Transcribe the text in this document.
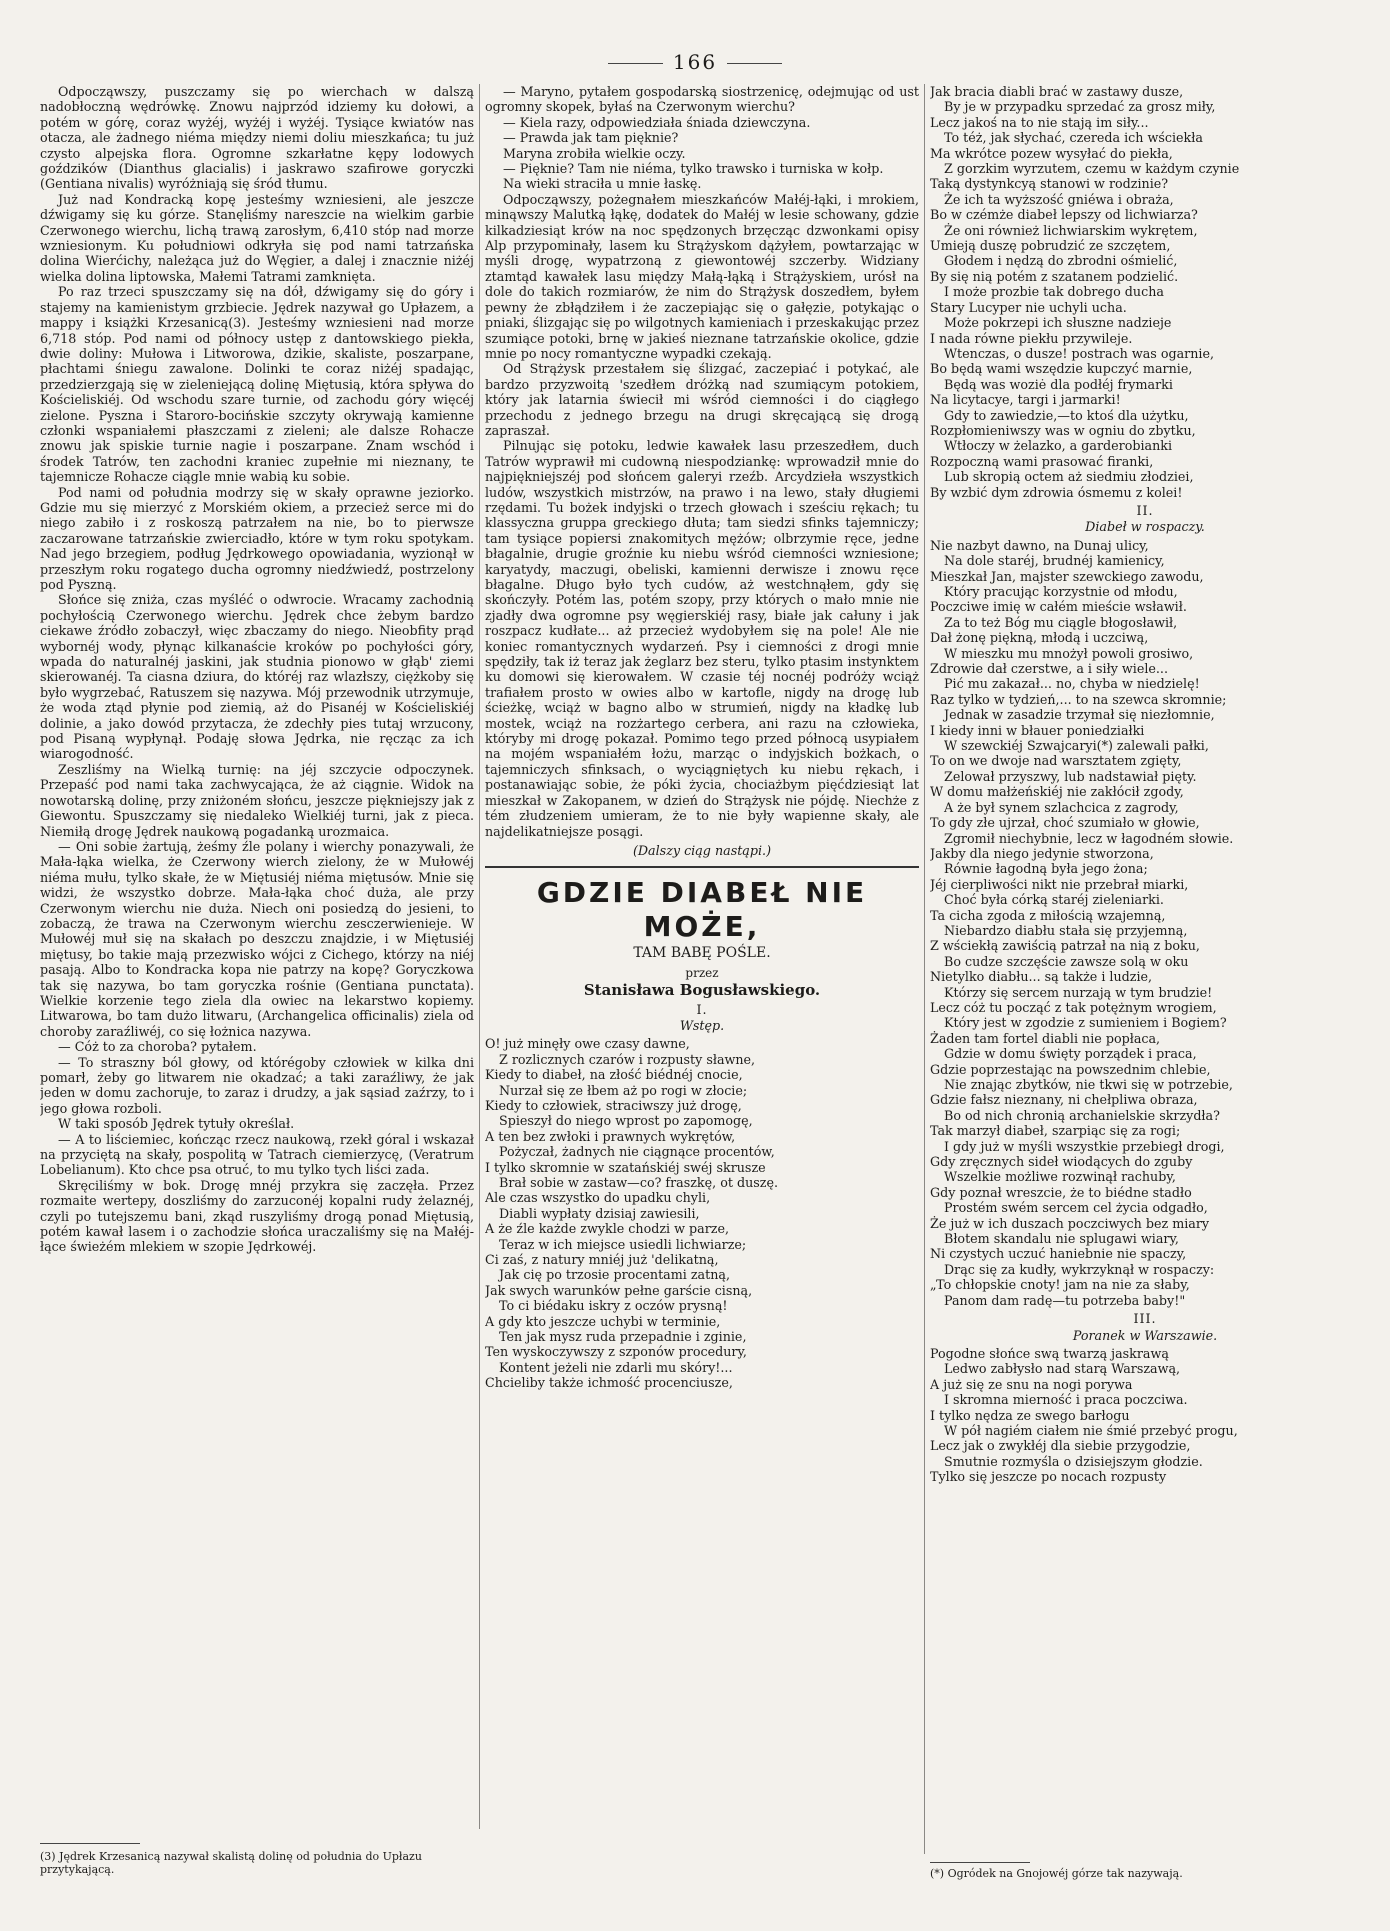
166

Odpocząwszy, puszczamy się po wierchach w dalszą nadobłoczną wędrówkę. Znowu najprzód idziemy ku dołowi, a potém w górę, coraz wyżéj, wyżéj i wyżéj. Tysiące kwiatów nas otacza, ale żadnego niéma między niemi doliu mieszkańca; tu już czysto alpejska flora. Ogromne szkarłatne kępy lodowych goździków (Dianthus glacialis) i jaskrawo szafirowe goryczki (Gentiana nivalis) wyróżniają się śród tłumu.

Już nad Kondracką kopę jesteśmy wzniesieni, ale jeszcze dźwigamy się ku górze. Stanęliśmy nareszcie na wielkim garbie Czerwonego wierchu, lichą trawą zarosłym, 6,410 stóp nad morze wzniesionym. Ku południowi odkryła się pod nami tatrzańska dolina Wierćichy, należąca już do Węgier, a dalej i znacznie niżéj wielka dolina liptowska, Małemi Tatrami zamknięta.

Po raz trzeci spuszczamy się na dół, dźwigamy się do góry i stajemy na kamienistym grzbiecie. Jędrek nazywał go Upłazem, a mappy i książki Krzesanicą(3). Jesteśmy wzniesieni nad morze 6,718 stóp. Pod nami od północy ustęp z dantowskiego piekła, dwie doliny: Mułowa i Litworowa, dzikie, skaliste, poszarpane, płachtami śniegu zawalone. Dolinki te coraz niżéj spadając, przedzierzgają się w zieleniejącą dolinę Miętusią, która spływa do Kościeliskiéj. Od wschodu szare turnie, od zachodu góry więcéj zielone. Pyszna i Staroro-bocińskie szczyty okrywają kamienne członki wspaniałemi płaszczami z zieleni; ale dalsze Rohacze znowu jak spiskie turnie nagie i poszarpane. Znam wschód i środek Tatrów, ten zachodni kraniec zupełnie mi nieznany, te tajemnicze Rohacze ciągle mnie wabią ku sobie.

Pod nami od południa modrzy się w skały oprawne jeziorko. Gdzie mu się mierzyć z Morskiém okiem, a przecież serce mi do niego zabiło i z roskoszą patrzałem na nie, bo to pierwsze zaczarowane tatrzańskie zwierciadło, które w tym roku spotykam. Nad jego brzegiem, podług Jędrkowego opowiadania, wyzionął w przeszłym roku rogatego ducha ogromny niedźwiedź, postrzelony pod Pyszną.

Słońce się zniża, czas myśléć o odwrocie. Wracamy zachodnią pochyłością Czerwonego wierchu. Jędrek chce żebym bardzo ciekawe źródło zobaczył, więc zbaczamy do niego. Nieobfity prąd wybornéj wody, płynąc kilkanaście kroków po pochyłości góry, wpada do naturalnéj jaskini, jak studnia pionowo w głąb' ziemi skierowanéj. Ta ciasna dziura, do któréj raz wlazłszy, ciężkoby się było wygrzebać, Ratuszem się nazywa. Mój przewodnik utrzymuje, że woda ztąd płynie pod ziemią, aż do Pisanéj w Kościeliskiéj dolinie, a jako dowód przytacza, że zdechły pies tutaj wrzucony, pod Pisaną wypłynął. Podaję słowa Jędrka, nie ręcząc za ich wiarogodność.

Zeszliśmy na Wielką turnię: na jéj szczycie odpoczynek. Przepaść pod nami taka zachwycająca, że aż ciągnie. Widok na nowotarską dolinę, przy zniżoném słońcu, jeszcze piękniejszy jak z Giewontu. Spuszczamy się niedaleko Wielkiéj turni, jak z pieca. Niemiłą drogę Jędrek naukową pogadanką urozmaica.

— Oni sobie żartują, żeśmy źle polany i wierchy ponazywali, że Mała-łąka wielka, że Czerwony wierch zielony, że w Mułowéj niéma mułu, tylko skałe, że w Miętusiéj niéma miętusów. Mnie się widzi, że wszystko dobrze. Mała-łąka choć duża, ale przy Czerwonym wierchu nie duża. Niech oni posiedzą do jesieni, to zobaczą, że trawa na Czerwonym wierchu zesczerwienieje. W Mułowéj muł się na skałach po deszczu znajdzie, i w Miętusiéj miętusy, bo takie mają przezwisko wójci z Cichego, którzy na niéj pasają. Albo to Kondracka kopa nie patrzy na kopę? Goryczkowa tak się nazywa, bo tam goryczka rośnie (Gentiana punctata). Wielkie korzenie tego ziela dla owiec na lekarstwo kopiemy. Litwarowa, bo tam dużo litwaru, (Archangelica officinalis) ziela od choroby zaraźliwéj, co się łożnica nazywa.

— Cóż to za choroba? pytałem.

— To straszny ból głowy, od którégoby człowiek w kilka dni pomarł, żeby go litwarem nie okadzać; a taki zaraźliwy, że jak jeden w domu zachoruje, to zaraz i drudzy, a jak sąsiad zaźrzy, to i jego głowa rozboli.

W taki sposób Jędrek tytuły określał.

— A to liściemiec, kończąc rzecz naukową, rzekł góral i wskazał na przyciętą na skały, pospolitą w Tatrach ciemierzycę, (Veratrum Lobelianum). Kto chce psa otruć, to mu tylko tych liści zada.

Skręciliśmy w bok. Drogę mnéj przykra się zaczęła. Przez rozmaite wertepy, doszliśmy do zarzuconéj kopalni rudy żelaznéj, czyli po tutejszemu bani, zkąd ruszyliśmy drogą ponad Miętusią, potém kawał lasem i o zachodzie słońca uraczaliśmy się na Małéj-łące świeżém mlekiem w szopie Jędrkowéj.

(3) Jędrek Krzesanicą nazywał skalistą dolinę od południa do Upłazu przytykającą.

— Maryno, pytałem gospodarską siostrzenicę, odejmując od ust ogromny skopek, byłaś na Czerwonym wierchu?

— Kiela razy, odpowiedziała śniada dziewczyna.

— Prawda jak tam pięknie?

Maryna zrobiła wielkie oczy.

— Pięknie? Tam nie niéma, tylko trawsko i turniska w kołp.

Na wieki straciła u mnie łaskę.

Odpocząwszy, pożegnałem mieszkańców Małéj-łąki, i mrokiem, minąwszy Malutką łąkę, dodatek do Małéj w lesie schowany, gdzie kilkadziesiąt krów na noc spędzonych brzęcząc dzwonkami opisy Alp przypominały, lasem ku Strążyskom dążyłem, powtarzając w myśli drogę, wypatrzoną z giewontowéj szczerby. Widziany ztamtąd kawałek lasu między Małą-łąką i Strążyskiem, urósł na dole do takich rozmiarów, że nim do Strążysk doszedłem, byłem pewny że zbłądziłem i że zaczepiając się o gałęzie, potykając o pniaki, ślizgając się po wilgotnych kamieniach i przeskakując przez szumiące potoki, brnę w jakieś nieznane tatrzańskie okolice, gdzie mnie po nocy romantyczne wypadki czekają.

Od Strążysk przestałem się ślizgać, zaczepiać i potykać, ale bardzo przyzwoitą 'szedłem dróżką nad szumiącym potokiem, który jak latarnia świecił mi wśród ciemności i do ciągłego przechodu z jednego brzegu na drugi skręcającą się drogą zapraszał.

Pilnując się potoku, ledwie kawałek lasu przeszedłem, duch Tatrów wyprawił mi cudowną niespodziankę: wprowadził mnie do najpiękniejszéj pod słońcem galeryi rzeźb. Arcydzieła wszystkich ludów, wszystkich mistrzów, na prawo i na lewo, stały długiemi rzędami. Tu bożek indyjski o trzech głowach i sześciu rękach; tu klassyczna gruppa greckiego dłuta; tam siedzi sfinks tajemniczy; tam tysiące popiersi znakomitych mężów; olbrzymie ręce, jedne błagalnie, drugie groźnie ku niebu wśród ciemności wzniesione; karyatydy, maczugi, obeliski, kamienni derwisze i znowu ręce błagalne. Długo było tych cudów, aż westchnąłem, gdy się skończyły. Potém las, potém szopy, przy których o mało mnie nie zjadły dwa ogromne psy węgierskiéj rasy, białe jak całuny i jak roszpacz kudłate... aż przecież wydobyłem się na pole! Ale nie koniec romantycznych wydarzeń. Psy i ciemności z drogi mnie spędziły, tak iż teraz jak żeglarz bez steru, tylko ptasim instynktem ku domowi się kierowałem. W czasie téj nocnéj podróży wciąż trafiałem prosto w owies albo w kartofle, nigdy na drogę lub ścieżkę, wciąż w bagno albo w strumień, nigdy na kładkę lub mostek, wciąż na rozżartego cerbera, ani razu na człowieka, któryby mi drogę pokazał. Pomimo tego przed północą usypiałem na mojém wspaniałém łożu, marząc o indyjskich bożkach, o tajemniczych sfinksach, o wyciągniętych ku niebu rękach, i postanawiając sobie, że póki życia, chociażbym pięćdziesiąt lat mieszkał w Zakopanem, w dzień do Strążysk nie pójdę. Niechże z tém złudzeniem umieram, że to nie były wapienne skały, ale najdelikatniejsze posągi.

(Dalszy ciąg nastąpi.)
GDZIE DIABEŁ NIE MOŻE,
TAM BABĘ POŚLE.
przez
Stanisława Bogusławskiego.
I.
Wstęp.

O! już minęły owe czasy dawne,

Z rozlicznych czarów i rozpusty sławne,

Kiedy to diabeł, na złość biédnéj cnocie,

Nurzał się ze łbem aż po rogi w złocie;

Kiedy to człowiek, straciwszy już drogę,

Spieszył do niego wprost po zapomogę,

A ten bez zwłoki i prawnych wykrętów,

Pożyczał, żadnych nie ciągnące procentów,

I tylko skromnie w szatańskiéj swéj skrusze

Brał sobie w zastaw—co? fraszkę, ot duszę.

Ale czas wszystko do upadku chyli,

Diabli wypłaty dzisiaj zawiesili,

A że źle każde zwykle chodzi w parze,

Teraz w ich miejsce usiedli lichwiarze;

Ci zaś, z natury mniéj już 'delikatną,

Jak cię po trzosie procentami zatną,

Jak swych warunków pełne garście cisną,

To ci biédaku iskry z oczów prysną!

A gdy kto jeszcze uchybi w terminie,

Ten jak mysz ruda przepadnie i zginie,

Ten wyskoczywszy z szponów procedury,

Kontent jeżeli nie zdarli mu skóry!...

Chcieliby także ichmość procenciusze,

Jak bracia diabli brać w zastawy dusze,

By je w przypadku sprzedać za grosz miły,

Lecz jakoś na to nie stają im siły...

To téż, jak słychać, czereda ich wściekła

Ma wkrótce pozew wysyłać do piekła,

Z gorzkim wyrzutem, czemu w każdym czynie

Taką dystynkcyą stanowi w rodzinie?

Że ich ta wyższość gniéwa i obraża,

Bo w czémże diabeł lepszy od lichwiarza?

Że oni również lichwiarskim wykrętem,

Umieją duszę pobrudzić ze szczętem,

Głodem i nędzą do zbrodni ośmielić,

By się nią potém z szatanem podzielić.

I może prozbie tak dobrego ducha

Stary Lucyper nie uchyli ucha.

Może pokrzepi ich słuszne nadzieje

I nada równe piekłu przywileje.

Wtenczas, o dusze! postrach was ogarnie,

Bo będą wami wszędzie kupczyć marnie,

Będą was woziė dla podłéj frymarki

Na licytacye, targi i jarmarki!

Gdy to zawiedzie,—to ktoś dla użytku,

Rozpłomieniwszy was w ogniu do zbytku,

Wtłoczy w żelazko, a garderobianki

Rozpoczną wami prasować firanki,

Lub skropią octem aż siedmiu złodziei,

By wzbić dym zdrowia ósmemu z kolei!

II.
Diabeł w rospaczy.

Nie nazbyt dawno, na Dunaj ulicy,

Na dole staréj, brudnéj kamienicy,

Mieszkał Jan, majster szewckiego zawodu,

Który pracując korzystnie od młodu,

Poczciwe imię w całém mieście wsławił.

Za to też Bóg mu ciągle błogosławił,

Dał żonę piękną, młodą i uczciwą,

W mieszku mu mnożył powoli grosiwo,

Zdrowie dał czerstwe, a i siły wiele...

Pić mu zakazał... no, chyba w niedzielę!

Raz tylko w tydzień,... to na szewca skromnie;

Jednak w zasadzie trzymał się niezłomnie,

I kiedy inni w błauer poniedziałki

W szewckiéj Szwajcaryi(*) zalewali pałki,

To on we dwoje nad warsztatem zgięty,

Zelował przyszwy, lub nadstawiał pięty.

W domu małżeńskiéj nie zakłócił zgody,

A że był synem szlachcica z zagrody,

To gdy złe ujrzał, choć szumiało w głowie,

Zgromił niechybnie, lecz w łagodném słowie.

Jakby dla niego jedynie stworzona,

Równie łagodną była jego żona;

Jéj cierpliwości nikt nie przebrał miarki,

Choć była córką staréj zieleniarki.

Ta cicha zgoda z miłością wzajemną,

Niebardzo diabłu stała się przyjemną,

Z wściekłą zawiścią patrzał na nią z boku,

Bo cudze szczęście zawsze solą w oku

Nietylko diabłu... są także i ludzie,

Którzy się sercem nurzają w tym brudzie!

Lecz cóż tu począć z tak potężnym wrogiem,

Który jest w zgodzie z sumieniem i Bogiem?

Żaden tam fortel diabli nie popłaca,

Gdzie w domu święty porządek i praca,

Gdzie poprzestając na powszednim chlebie,

Nie znając zbytków, nie tkwi się w potrzebie,

Gdzie fałsz nieznany, ni chełpliwa obraza,

Bo od nich chronią archanielskie skrzydła?

Tak marzył diabeł, szarpiąc się za rogi;

I gdy już w myśli wszystkie przebiegł drogi,

Gdy zręcznych sideł wiodących do zguby

Wszelkie możliwe rozwinął rachuby,

Gdy poznał wreszcie, że to biédne stadło

Prostém swém sercem cel życia odgadło,

Że już w ich duszach poczciwych bez miary

Błotem skandalu nie splugawi wiary,

Ni czystych uczuć haniebnie nie spaczy,

Drąc się za kudły, wykrzyknął w rospaczy:

„To chłopskie cnoty! jam na nie za słaby,

Panom dam radę—tu potrzeba baby!"

III.
Poranek w Warszawie.

Pogodne słońce swą twarzą jaskrawą

Ledwo zabłysło nad starą Warszawą,

A już się ze snu na nogi porywa

I skromna mierność i praca poczciwa.

I tylko nędza ze swego barłogu

W pół nagiém ciałem nie śmié przebyć progu,

Lecz jak o zwykłéj dla siebie przygodzie,

Smutnie rozmyśla o dzisiejszym głodzie.

Tylko się jeszcze po nocach rozpusty

(*) Ogródek na Gnojowéj górze tak nazywają.
